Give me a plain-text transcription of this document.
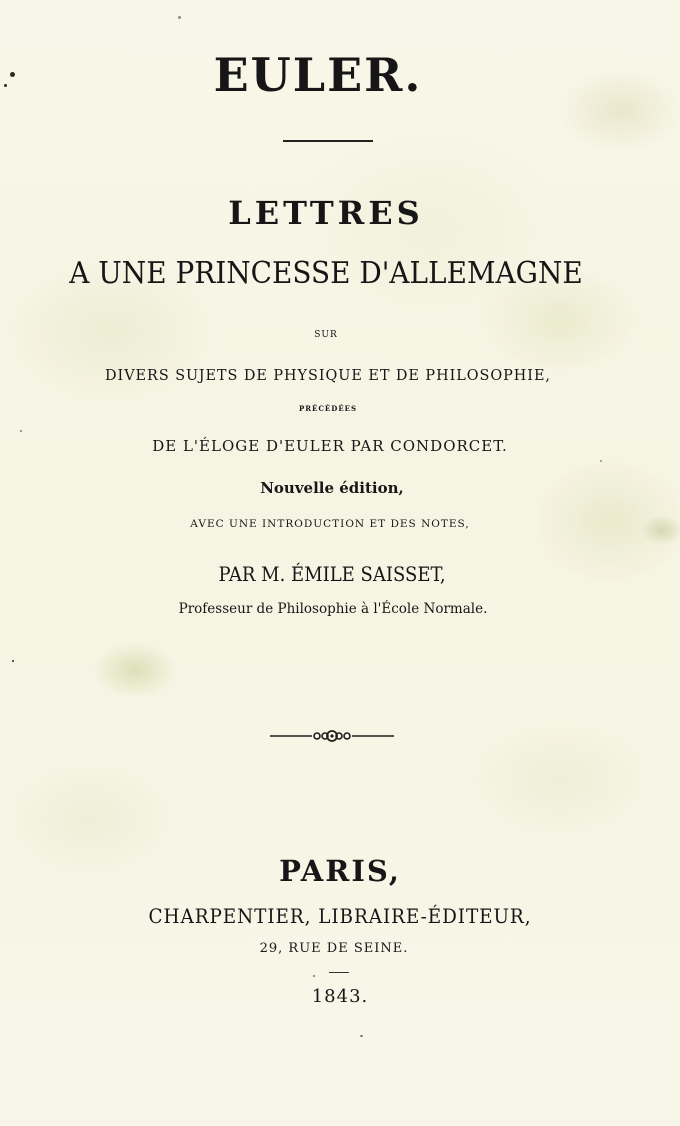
EULER.

LETTRES

A UNE PRINCESSE D'ALLEMAGNE

SUR

DIVERS SUJETS DE PHYSIQUE ET DE PHILOSOPHIE,

PRÉCÉDÉES

DE L'ÉLOGE D'EULER PAR CONDORCET.

Nouvelle édition,

AVEC UNE INTRODUCTION ET DES NOTES,

PAR M. ÉMILE SAISSET,

Professeur de Philosophie à l'École Normale.

PARIS,

CHARPENTIER, LIBRAIRE-ÉDITEUR,

29, RUE DE SEINE.

1843.
